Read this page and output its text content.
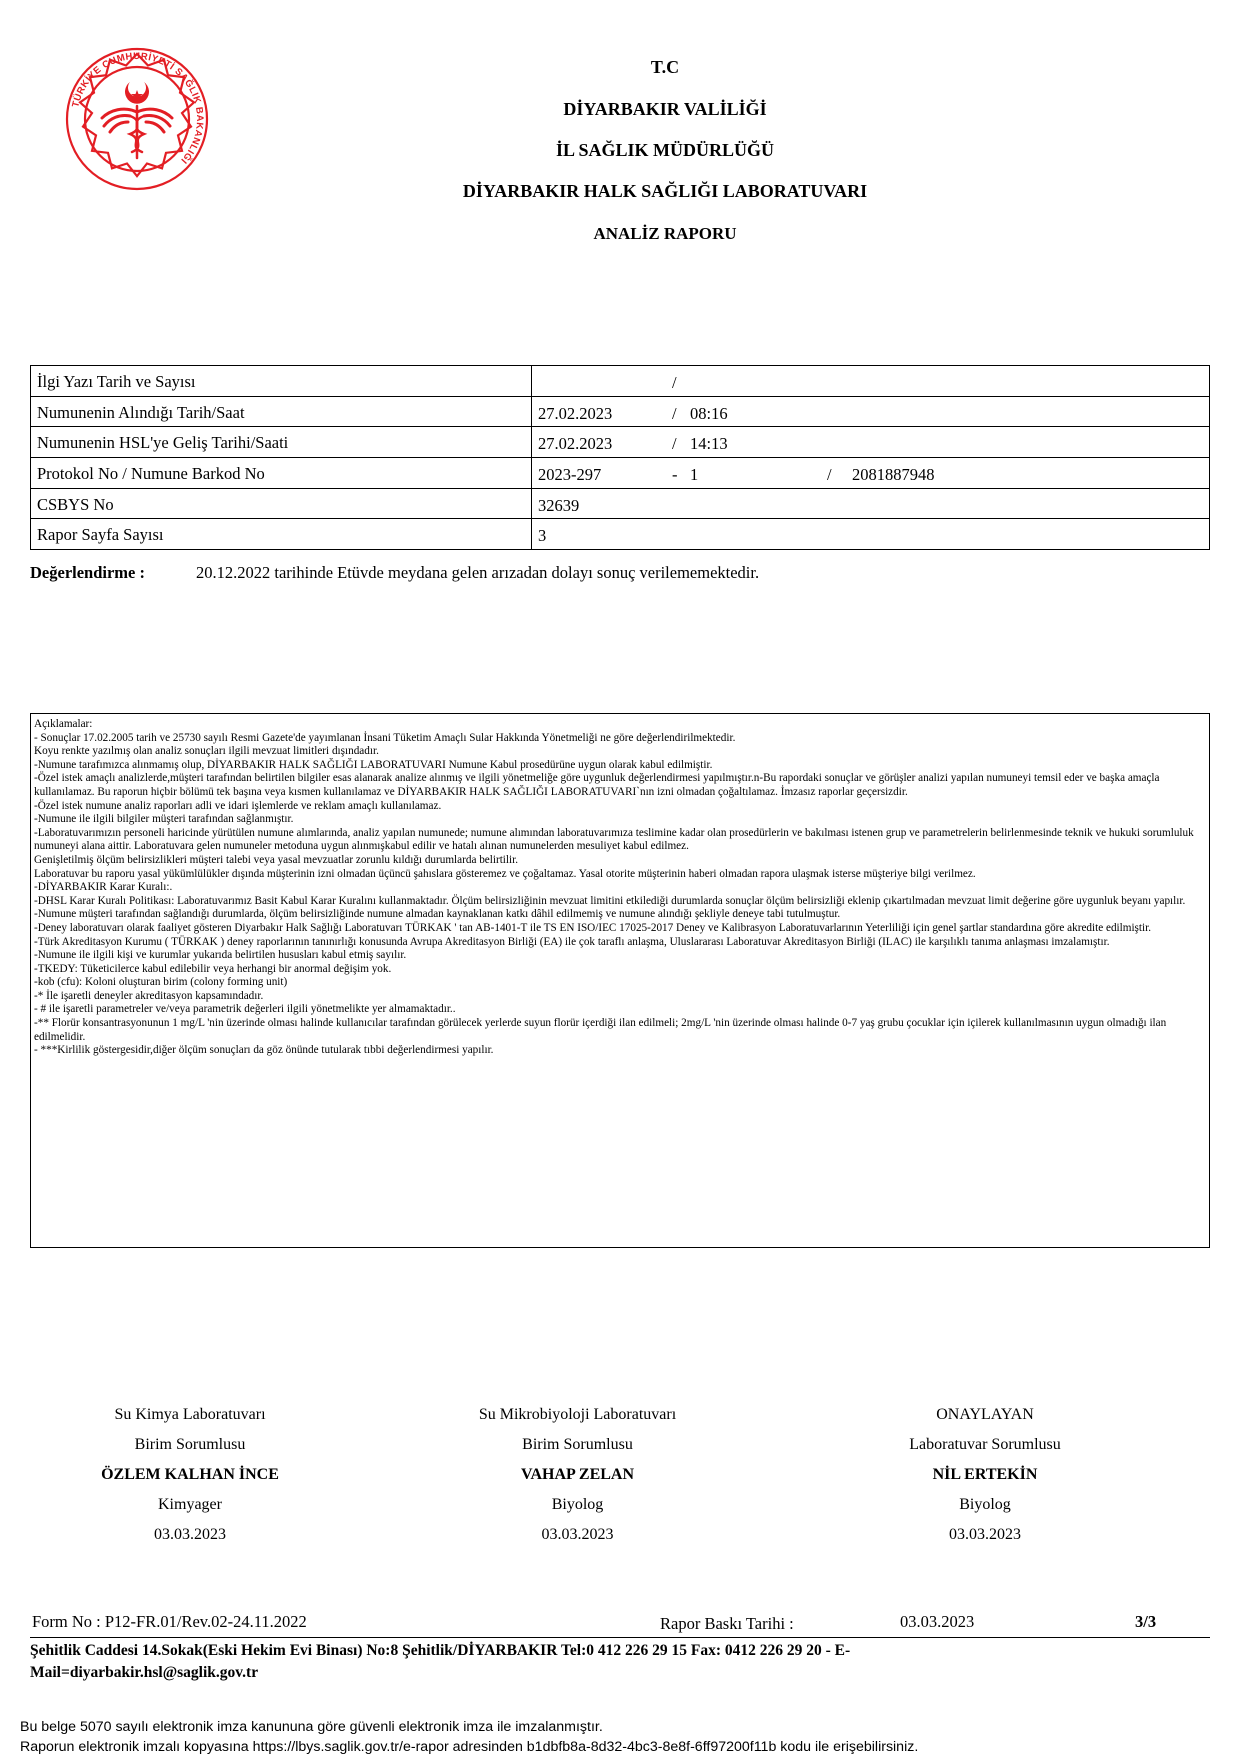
TÜRKİYE CUMHURİYETİ SAĞLIK BAKANLIĞI
T.C
DİYARBAKIR VALİLİĞİ
İL SAĞLIK MÜDÜRLÜĞÜ
DİYARBAKIR HALK SAĞLIĞI LABORATUVARI
ANALİZ RAPORU
İlgi Yazı Tarih ve Sayısı	/

Numunenin Alındığı Tarih/Saat	27.02.2023 / 08:16

Numunenin HSL'ye Geliş Tarihi/Saati	27.02.2023 / 14:13

Protokol No / Numune Barkod No	2023-297 - 1 / 2081887948

CSBYS No	32639

Rapor Sayfa Sayısı	3
Değerlendirme :	20.12.2022 tarihinde Etüvde meydana gelen arızadan dolayı sonuç verilememektedir.

Açıklamalar:

- Sonuçlar 17.02.2005 tarih ve 25730 sayılı Resmi Gazete'de yayımlanan İnsani Tüketim Amaçlı Sular Hakkında Yönetmeliği ne göre değerlendirilmektedir.

Koyu renkte yazılmış olan analiz sonuçları ilgili mevzuat limitleri dışındadır.

-Numune tarafımızca alınmamış olup, DİYARBAKIR HALK SAĞLIĞI LABORATUVARI Numune Kabul prosedürüne uygun olarak kabul edilmiştir.

-Özel istek amaçlı analizlerde,müşteri tarafından belirtilen bilgiler esas alanarak analize alınmış ve ilgili yönetmeliğe göre uygunluk değerlendirmesi yapılmıştır.n-Bu rapordaki sonuçlar ve görüşler analizi yapılan numuneyi temsil eder ve başka amaçla kullanılamaz. Bu raporun hiçbir bölümü tek başına veya kısmen kullanılamaz ve DİYARBAKIR HALK SAĞLIĞI LABORATUVARI`nın izni olmadan çoğaltılamaz. İmzasız raporlar geçersizdir.

-Özel istek numune analiz raporları adli ve idari işlemlerde ve reklam amaçlı kullanılamaz.

-Numune ile ilgili bilgiler müşteri tarafından sağlanmıştır.

-Laboratuvarımızın personeli haricinde yürütülen numune alımlarında, analiz yapılan numunede; numune alımından laboratuvarımıza teslimine kadar olan prosedürlerin ve bakılması istenen grup ve parametrelerin belirlenmesinde teknik ve hukuki sorumluluk numuneyi alana aittir. Laboratuvara gelen numuneler metoduna uygun alınmışkabul edilir ve hatalı alınan numunelerden mesuliyet kabul edilmez.

Genişletilmiş ölçüm belirsizlikleri müşteri talebi veya yasal mevzuatlar zorunlu kıldığı durumlarda belirtilir.

Laboratuvar bu raporu yasal yükümlülükler dışında müşterinin izni olmadan üçüncü şahıslara gösteremez ve çoğaltamaz. Yasal otorite müşterinin haberi olmadan rapora ulaşmak isterse müşteriye bilgi verilmez.

-DİYARBAKIR Karar Kuralı:.

-DHSL Karar Kuralı Politikası: Laboratuvarımız Basit Kabul Karar Kuralını kullanmaktadır. Ölçüm belirsizliğinin mevzuat limitini etkilediği durumlarda sonuçlar ölçüm belirsizliği eklenip çıkartılmadan mevzuat limit değerine göre uygunluk beyanı yapılır.

-Numune müşteri tarafından sağlandığı durumlarda, ölçüm belirsizliğinde numune almadan kaynaklanan katkı dâhil edilmemiş ve numune alındığı şekliyle deneye tabi tutulmuştur.

-Deney laboratuvarı olarak faaliyet gösteren Diyarbakır Halk Sağlığı Laboratuvarı TÜRKAK ' tan AB-1401-T ile TS EN ISO/IEC 17025-2017 Deney ve Kalibrasyon Laboratuvarlarının Yeterliliği için genel şartlar standardına göre akredite edilmiştir.

-Türk Akreditasyon Kurumu ( TÜRKAK ) deney raporlarının tanınırlığı konusunda Avrupa Akreditasyon Birliği (EA) ile çok taraflı anlaşma, Uluslararası Laboratuvar Akreditasyon Birliği (ILAC) ile karşılıklı tanıma anlaşması imzalamıştır.

-Numune ile ilgili kişi ve kurumlar yukarıda belirtilen hususları kabul etmiş sayılır.

-TKEDY: Tüketicilerce kabul edilebilir veya herhangi bir anormal değişim yok.

-kob (cfu): Koloni oluşturan birim (colony forming unit)

-* İle işaretli deneyler akreditasyon kapsamındadır.

- # ile işaretli parametreler ve/veya parametrik değerleri ilgili yönetmelikte yer almamaktadır..

-** Florür konsantrasyonunun 1 mg/L 'nin üzerinde olması halinde kullanıcılar tarafından görülecek yerlerde suyun florür içerdiği ilan edilmeli; 2mg/L 'nin üzerinde olması halinde 0-7 yaş grubu çocuklar için içilerek kullanılmasının uygun olmadığı ilan edilmelidir.

- ***Kirlilik göstergesidir,diğer ölçüm sonuçları da göz önünde tutularak tıbbi değerlendirmesi yapılır.

Su Kimya Laboratuvarı
Birim Sorumlusu
ÖZLEM KALHAN İNCE
Kimyager
03.03.2023
Su Mikrobiyoloji Laboratuvarı
Birim Sorumlusu
VAHAP ZELAN
Biyolog
03.03.2023
ONAYLAYAN
Laboratuvar Sorumlusu
NİL ERTEKİN
Biyolog
03.03.2023
Form No : P12-FR.01/Rev.02-24.11.2022	Rapor Baskı Tarihi :	03.03.2023	3/3
Şehitlik Caddesi 14.Sokak(Eski Hekim Evi Binası) No:8 Şehitlik/DİYARBAKIR Tel:0 412 226 29 15 Fax: 0412 226 29 20 - E-
Mail=diyarbakir.hsl@saglik.gov.tr
Bu belge 5070 sayılı elektronik imza kanununa göre güvenli elektronik imza ile imzalanmıştır.
Raporun elektronik imzalı kopyasına https://lbys.saglik.gov.tr/e-rapor adresinden b1dbfb8a-8d32-4bc3-8e8f-6ff97200f11b kodu ile erişebilirsiniz.
